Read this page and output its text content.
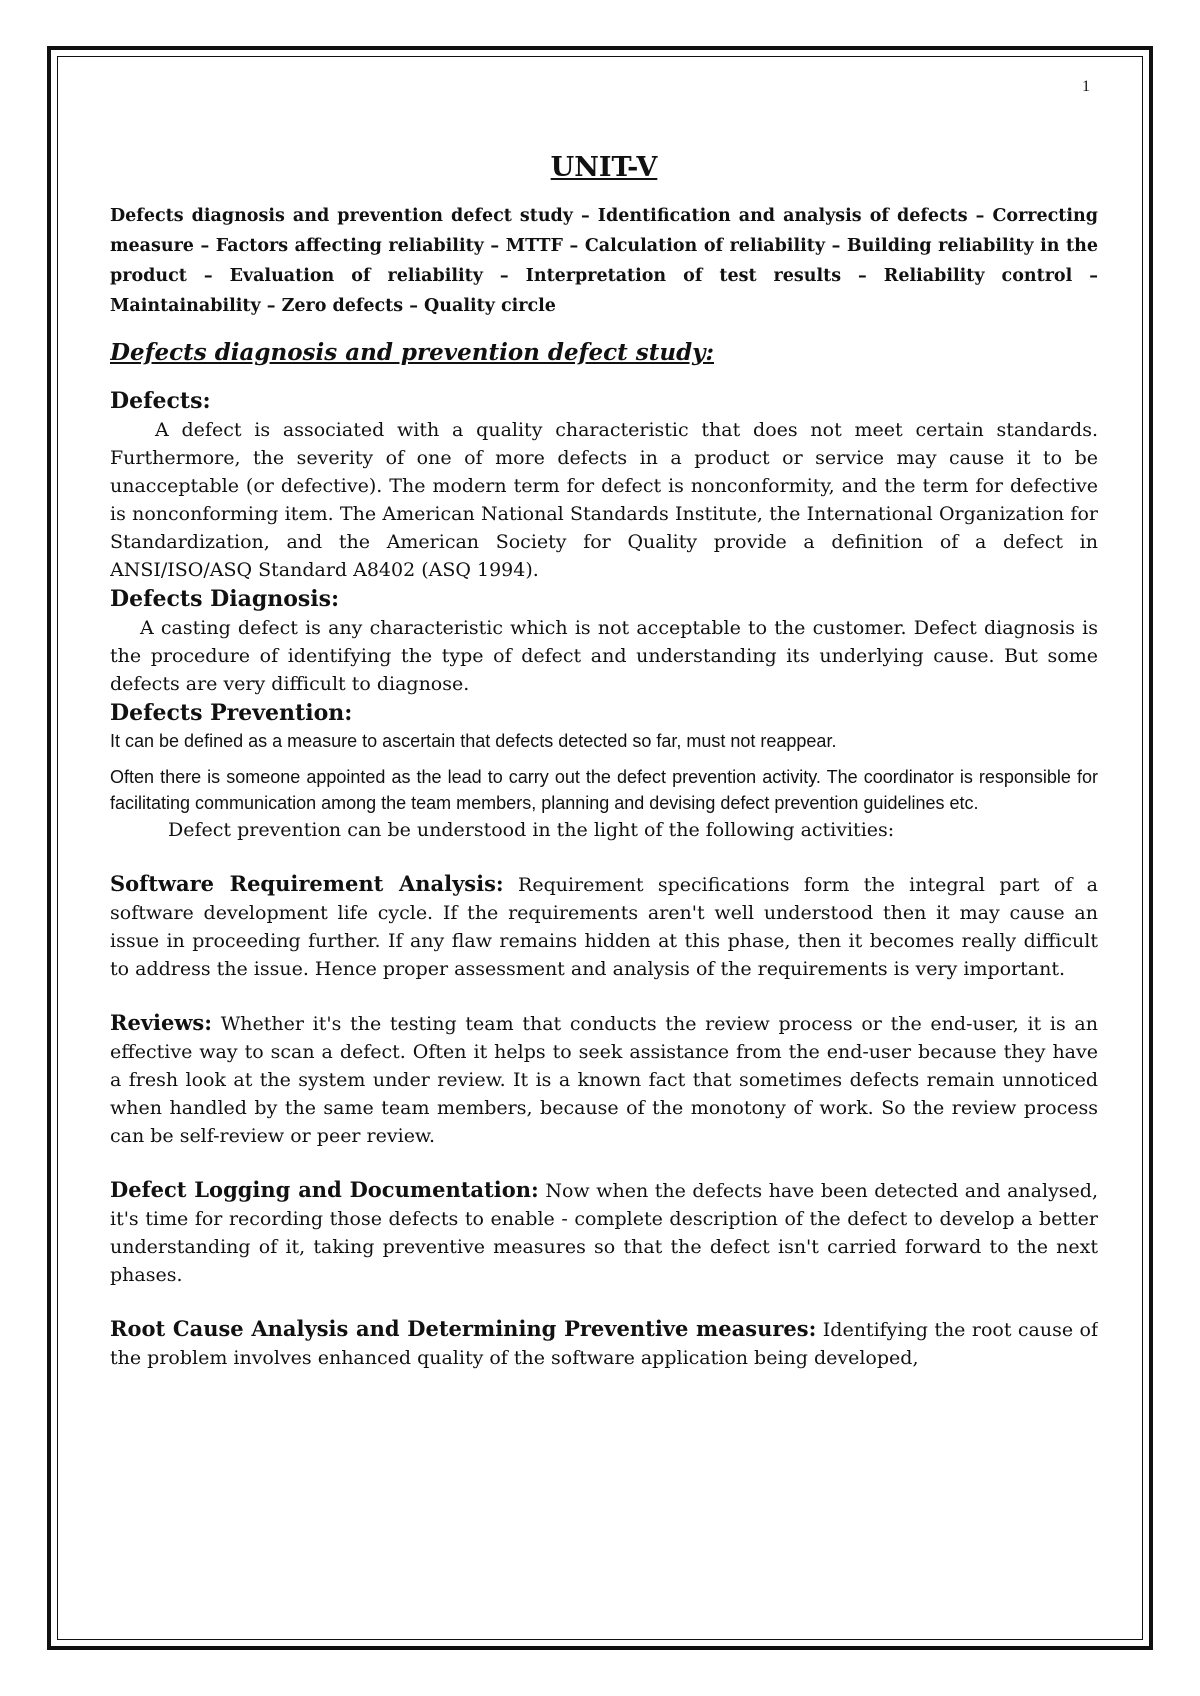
1
UNIT-V

Defects diagnosis and prevention defect study – Identification and analysis of defects – Correcting measure – Factors affecting reliability – MTTF – Calculation of reliability – Building reliability in the product – Evaluation of reliability – Interpretation of test results – Reliability control – Maintainability – Zero defects – Quality circle

Defects diagnosis and prevention defect study:
Defects:

A defect is associated with a quality characteristic that does not meet certain standards. Furthermore, the severity of one of more defects in a product or service may cause it to be unacceptable (or defective). The modern term for defect is nonconformity, and the term for defective is nonconforming item. The American National Standards Institute, the International Organization for Standardization, and the American Society for Quality provide a definition of a defect in ANSI/ISO/ASQ Standard A8402 (ASQ 1994).

Defects Diagnosis:

A casting defect is any characteristic which is not acceptable to the customer. Defect diagnosis is the procedure of identifying the type of defect and understanding its underlying cause. But some defects are very difficult to diagnose.

Defects Prevention:

It can be defined as a measure to ascertain that defects detected so far, must not reappear.

Often there is someone appointed as the lead to carry out the defect prevention activity. The coordinator is responsible for facilitating communication among the team members, planning and devising defect prevention guidelines etc.

Defect prevention can be understood in the light of the following activities:

Software Requirement Analysis: Requirement specifications form the integral part of a software development life cycle. If the requirements aren't well understood then it may cause an issue in proceeding further. If any flaw remains hidden at this phase, then it becomes really difficult to address the issue. Hence proper assessment and analysis of the requirements is very important.

Reviews: Whether it's the testing team that conducts the review process or the end-user, it is an effective way to scan a defect. Often it helps to seek assistance from the end-user because they have a fresh look at the system under review. It is a known fact that sometimes defects remain unnoticed when handled by the same team members, because of the monotony of work. So the review process can be self-review or peer review.

Defect Logging and Documentation: Now when the defects have been detected and analysed, it's time for recording those defects to enable - complete description of the defect to develop a better understanding of it, taking preventive measures so that the defect isn't carried forward to the next phases.

Root Cause Analysis and Determining Preventive measures: Identifying the root cause of the problem involves enhanced quality of the software application being developed,
